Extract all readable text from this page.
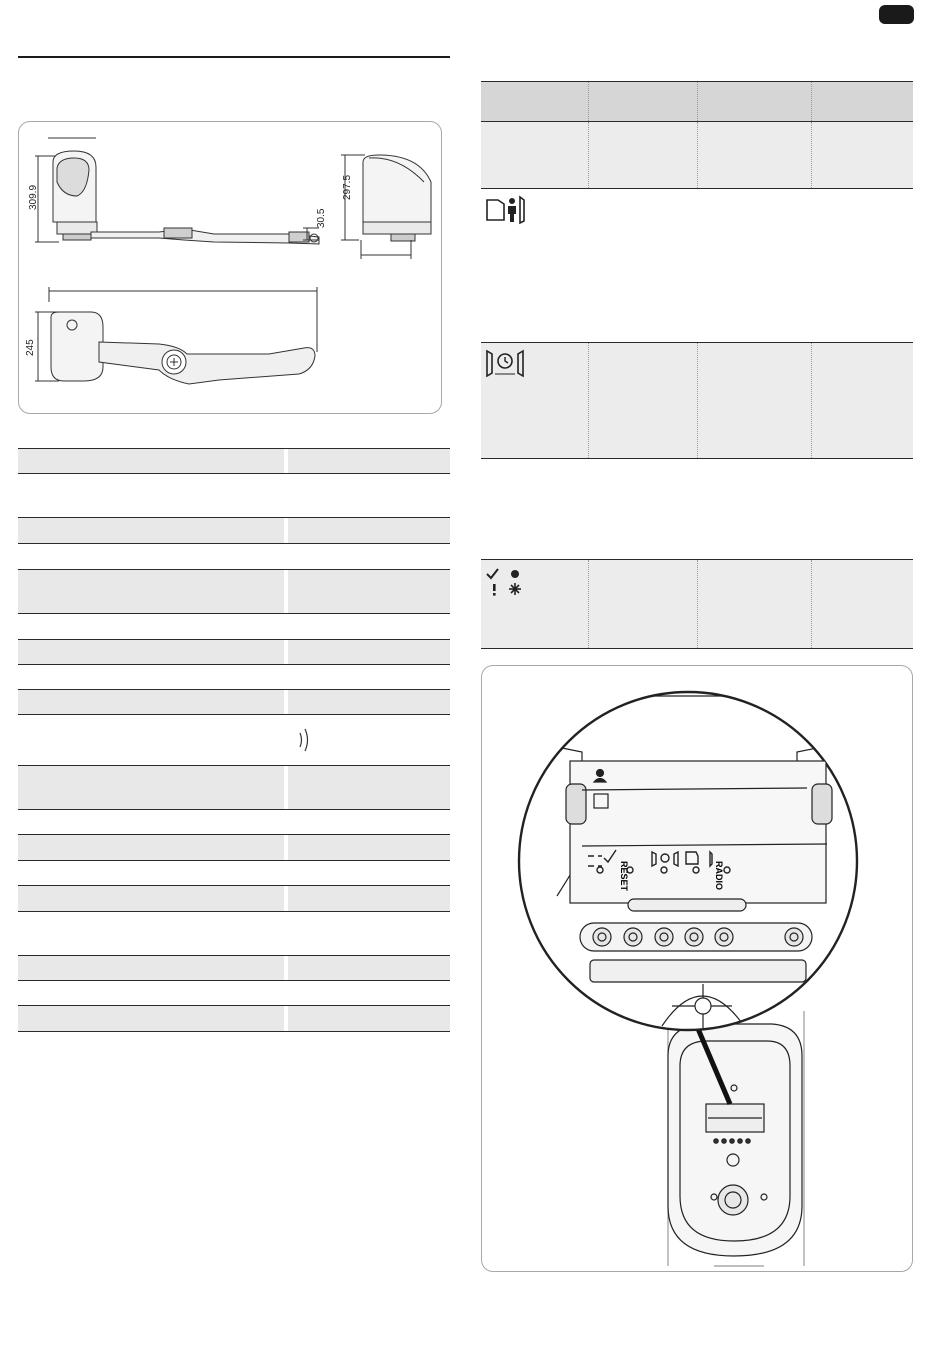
309.9	297.5
30.5
245
RESET	RADIO
